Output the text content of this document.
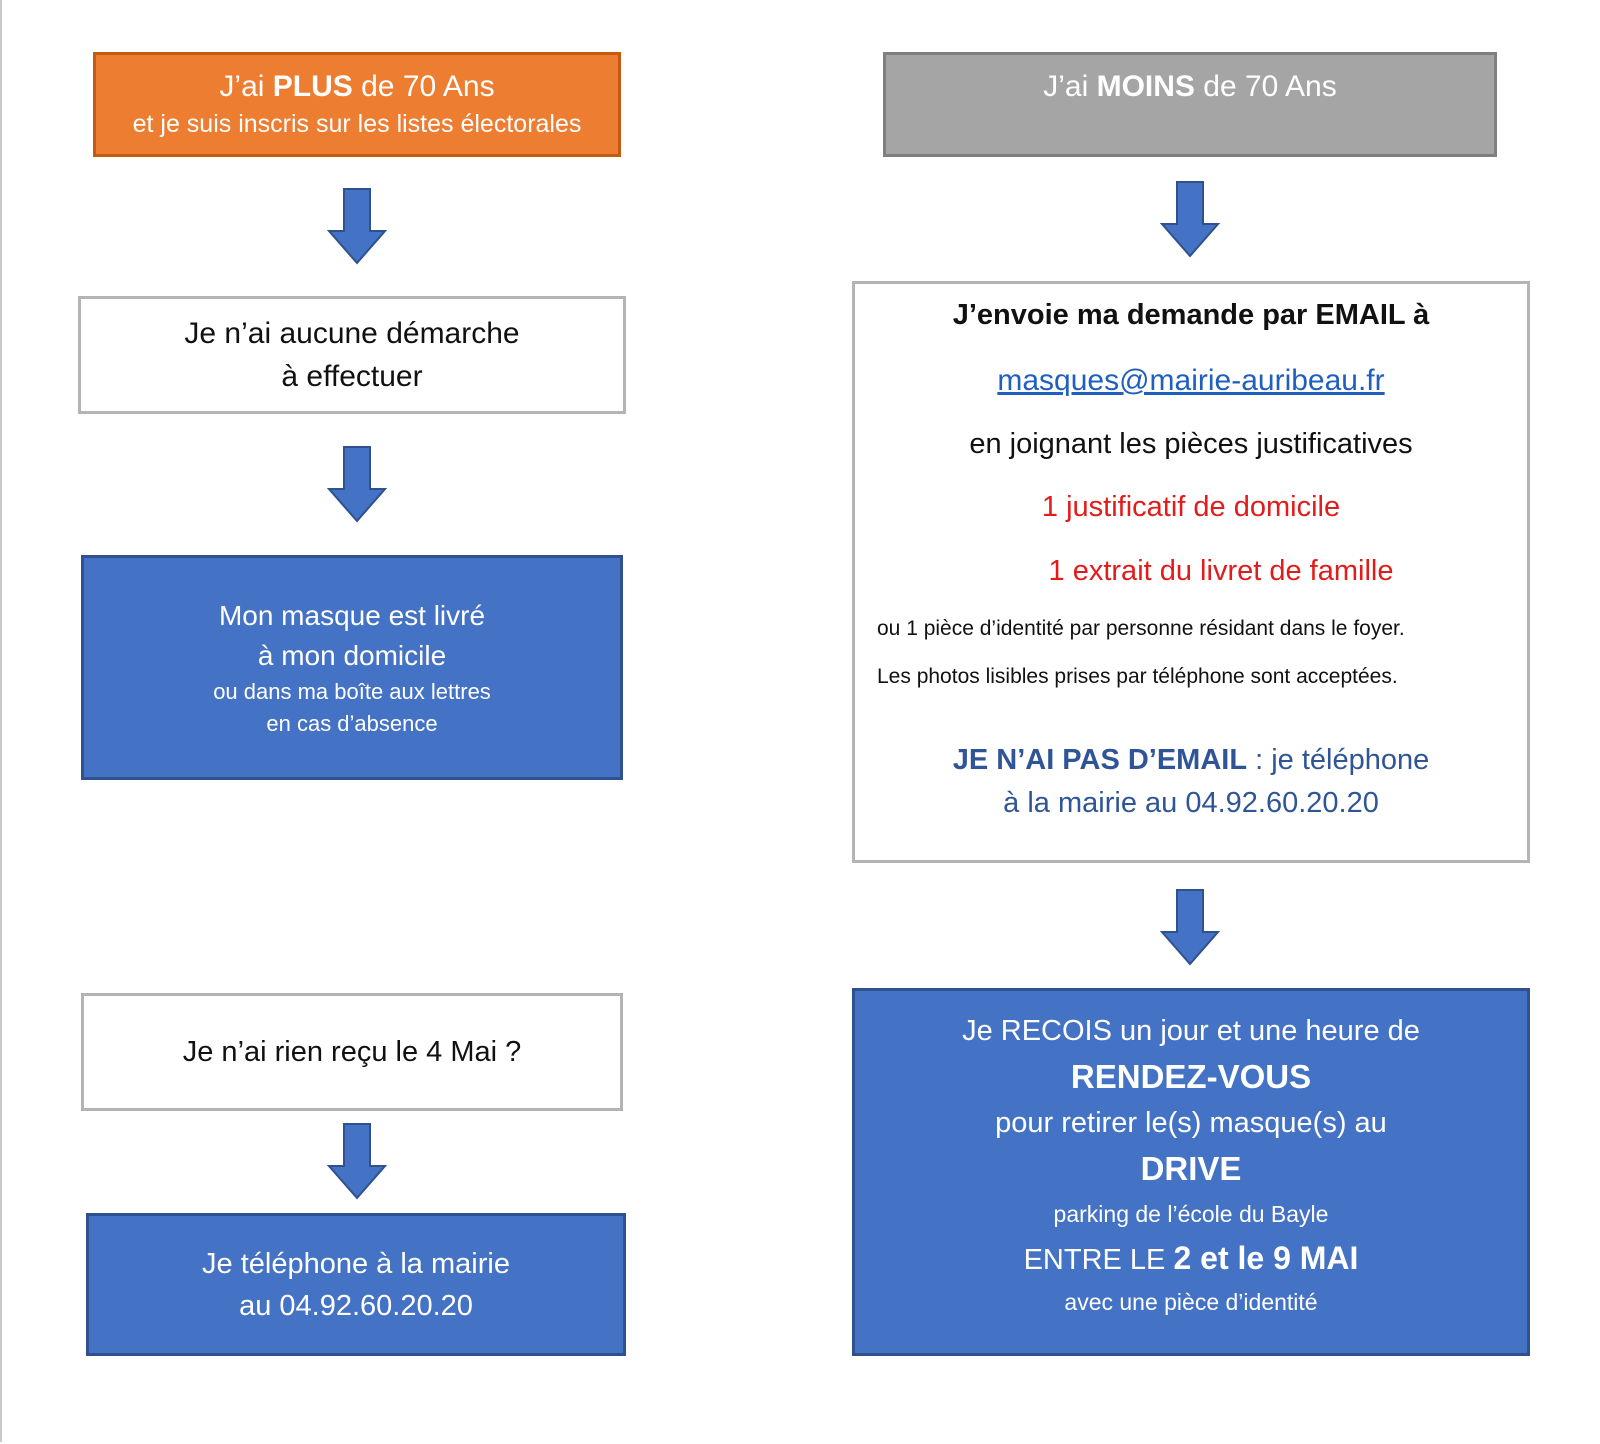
J’ai PLUS de 70 Ans
et je suis inscris sur les listes électorales
Je n’ai aucune démarche
à effectuer
Mon masque est livré
à mon domicile
ou dans ma boîte aux lettres
en cas d’absence
Je n’ai rien reçu le 4 Mai ?
Je téléphone à la mairie
au 04.92.60.20.20
J’ai MOINS de 70 Ans
J’envoie ma demande par EMAIL à
masques@mairie-auribeau.fr
en joignant les pièces justificatives
1 justificatif de domicile
1 extrait du livret de famille
ou 1 pièce d’identité par personne résidant dans le foyer.
Les photos lisibles prises par téléphone sont acceptées.
JE N’AI PAS D’EMAIL : je téléphone
à la mairie au 04.92.60.20.20
Je RECOIS un jour et une heure de
RENDEZ-VOUS
pour retirer le(s) masque(s) au
DRIVE
parking de l’école du Bayle
ENTRE LE 2 et le 9 MAI
avec une pièce d’identité
